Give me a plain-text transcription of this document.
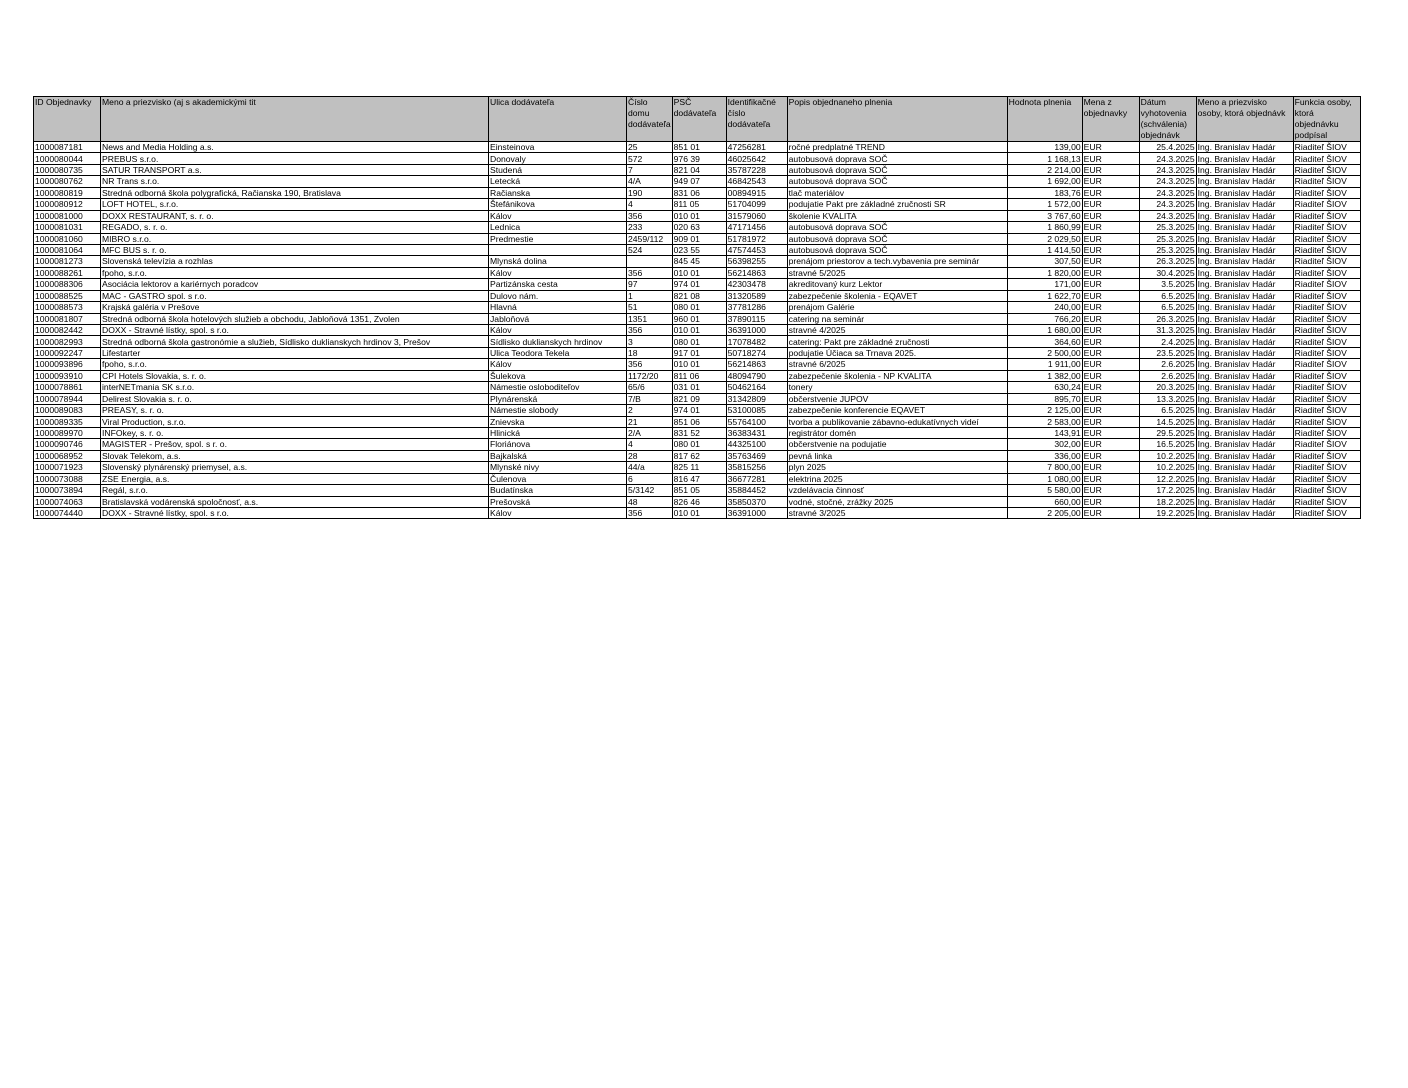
ID Objednavky	Meno a priezvisko (aj s akademickými tit	Ulica dodávateľa	Číslo domu dodávateľa	PSČ dodávateľa	Identifikačné číslo dodávateľa	Popis objednaneho plnenia	Hodnota plnenia	Mena z objednavky	Dátum vyhotovenia (schválenia) objednávk	Meno a priezvisko osoby, ktorá objednávk	Funkcia osoby, ktorá objednávku podpísal
1000087181	News and Media Holding a.s.	Einsteinova	25	851 01	47256281	ročné predplatné TREND	139,00	EUR	25.4.2025	Ing. Branislav Hadár	Riaditeľ ŠIOV
1000080044	PREBUS s.r.o.	Donovaly	572	976 39	46025642	autobusová doprava SOČ	1 168,13	EUR	24.3.2025	Ing. Branislav Hadár	Riaditeľ ŠIOV
1000080735	SATUR TRANSPORT a.s.	Studená	7	821 04	35787228	autobusová doprava SOČ	2 214,00	EUR	24.3.2025	Ing. Branislav Hadár	Riaditeľ ŠIOV
1000080762	NR Trans s.r.o.	Letecká	4/A	949 07	46842543	autobusová doprava SOČ	1 692,00	EUR	24.3.2025	Ing. Branislav Hadár	Riaditeľ ŠIOV
1000080819	Stredná odborná škola polygrafická, Račianska 190, Bratislava	Račianska	190	831 06	00894915	tlač materiálov	183,76	EUR	24.3.2025	Ing. Branislav Hadár	Riaditeľ ŠIOV
1000080912	LOFT HOTEL, s.r.o.	Štefánikova	4	811 05	51704099	podujatie Pakt pre základné zručnosti SR	1 572,00	EUR	24.3.2025	Ing. Branislav Hadár	Riaditeľ ŠIOV
1000081000	DOXX RESTAURANT, s. r. o.	Kálov	356	010 01	31579060	školenie KVALITA	3 767,60	EUR	24.3.2025	Ing. Branislav Hadár	Riaditeľ ŠIOV
1000081031	REGADO, s. r. o.	Lednica	233	020 63	47171456	autobusová doprava SOČ	1 860,99	EUR	25.3.2025	Ing. Branislav Hadár	Riaditeľ ŠIOV
1000081060	MIBRO s.r.o.	Predmestie	2459/112	909 01	51781972	autobusová doprava SOČ	2 029,50	EUR	25.3.2025	Ing. Branislav Hadár	Riaditeľ ŠIOV
1000081064	MFC BUS s. r. o.		524	023 55	47574453	autobusová doprava SOČ	1 414,50	EUR	25.3.2025	Ing. Branislav Hadár	Riaditeľ ŠIOV
1000081273	Slovenská televízia a rozhlas	Mlynská dolina		845 45	56398255	prenájom priestorov a tech.vybavenia pre seminár	307,50	EUR	26.3.2025	Ing. Branislav Hadár	Riaditeľ ŠIOV
1000088261	fpoho, s.r.o.	Kálov	356	010 01	56214863	stravné 5/2025	1 820,00	EUR	30.4.2025	Ing. Branislav Hadár	Riaditeľ ŠIOV
1000088306	Asociácia lektorov a kariérnych poradcov	Partizánska cesta	97	974 01	42303478	akreditovaný kurz Lektor	171,00	EUR	3.5.2025	Ing. Branislav Hadár	Riaditeľ ŠIOV
1000088525	MAC - GASTRO spol. s r.o.	Dulovo nám.	1	821 08	31320589	zabezpečenie školenia - EQAVET	1 622,70	EUR	6.5.2025	Ing. Branislav Hadár	Riaditeľ ŠIOV
1000088573	Krajská galéria v Prešove	Hlavná	51	080 01	37781286	prenájom Galérie	240,00	EUR	6.5.2025	Ing. Branislav Hadár	Riaditeľ ŠIOV
1000081807	Stredná odborná škola hotelových služieb a obchodu, Jabloňová 1351, Zvolen	Jabloňová	1351	960 01	37890115	catering na seminár	766,20	EUR	26.3.2025	Ing. Branislav Hadár	Riaditeľ ŠIOV
1000082442	DOXX - Stravné lístky, spol. s r.o.	Kálov	356	010 01	36391000	stravné 4/2025	1 680,00	EUR	31.3.2025	Ing. Branislav Hadár	Riaditeľ ŠIOV
1000082993	Stredná odborná škola gastronómie a služieb, Sídlisko duklianskych hrdinov 3, Prešov	Sídlisko duklianskych hrdinov	3	080 01	17078482	catering: Pakt pre základné zručnosti	364,60	EUR	2.4.2025	Ing. Branislav Hadár	Riaditeľ ŠIOV
1000092247	Lifestarter	Ulica Teodora Tekela	18	917 01	50718274	podujatie Účiaca sa Trnava 2025.	2 500,00	EUR	23.5.2025	Ing. Branislav Hadár	Riaditeľ ŠIOV
1000093896	fpoho, s.r.o.	Kálov	356	010 01	56214863	stravné 6/2025	1 911,00	EUR	2.6.2025	Ing. Branislav Hadár	Riaditeľ ŠIOV
1000093910	CPI Hotels Slovakia, s. r. o.	Šulekova	1172/20	811 06	48094790	zabezpečenie školenia - NP KVALITA	1 382,00	EUR	2.6.2025	Ing. Branislav Hadár	Riaditeľ ŠIOV
1000078861	interNETmania SK s.r.o.	Námestie osloboditeľov	65/6	031 01	50462164	tonery	630,24	EUR	20.3.2025	Ing. Branislav Hadár	Riaditeľ ŠIOV
1000078944	Delirest Slovakia s. r. o.	Plynárenská	7/B	821 09	31342809	občerstvenie JUPOV	895,70	EUR	13.3.2025	Ing. Branislav Hadár	Riaditeľ ŠIOV
1000089083	PREASY, s. r. o.	Námestie slobody	2	974 01	53100085	zabezpečenie konferencie EQAVET	2 125,00	EUR	6.5.2025	Ing. Branislav Hadár	Riaditeľ ŠIOV
1000089335	Viral Production, s.r.o.	Znievska	21	851 06	55764100	tvorba a publikovanie zábavno-edukatívnych videí	2 583,00	EUR	14.5.2025	Ing. Branislav Hadár	Riaditeľ ŠIOV
1000089970	INFOkey, s. r. o.	Hlinická	2/A	831 52	36383431	registrátor domén	143,91	EUR	29.5.2025	Ing. Branislav Hadár	Riaditeľ ŠIOV
1000090746	MAGISTER - Prešov, spol. s r. o.	Floriánova	4	080 01	44325100	občerstvenie na podujatie	302,00	EUR	16.5.2025	Ing. Branislav Hadár	Riaditeľ ŠIOV
1000068952	Slovak Telekom, a.s.	Bajkalská	28	817 62	35763469	pevná linka	336,00	EUR	10.2.2025	Ing. Branislav Hadár	Riaditeľ ŠIOV
1000071923	Slovenský plynárenský priemysel, a.s.	Mlynské nivy	44/a	825 11	35815256	plyn 2025	7 800,00	EUR	10.2.2025	Ing. Branislav Hadár	Riaditeľ ŠIOV
1000073088	ZSE Energia, a.s.	Čulenova	6	816 47	36677281	elektrina 2025	1 080,00	EUR	12.2.2025	Ing. Branislav Hadár	Riaditeľ ŠIOV
1000073894	Regál, s.r.o.	Budatínska	5/3142	851 05	35884452	vzdelávacia činnosť	5 580,00	EUR	17.2.2025	Ing. Branislav Hadár	Riaditeľ ŠIOV
1000074063	Bratislavská vodárenská spoločnosť, a.s.	Prešovská	48	826 46	35850370	vodné, stočné, zrážky 2025	660,00	EUR	18.2.2025	Ing. Branislav Hadár	Riaditeľ ŠIOV
1000074440	DOXX - Stravné lístky, spol. s r.o.	Kálov	356	010 01	36391000	stravné 3/2025	2 205,00	EUR	19.2.2025	Ing. Branislav Hadár	Riaditeľ ŠIOV
